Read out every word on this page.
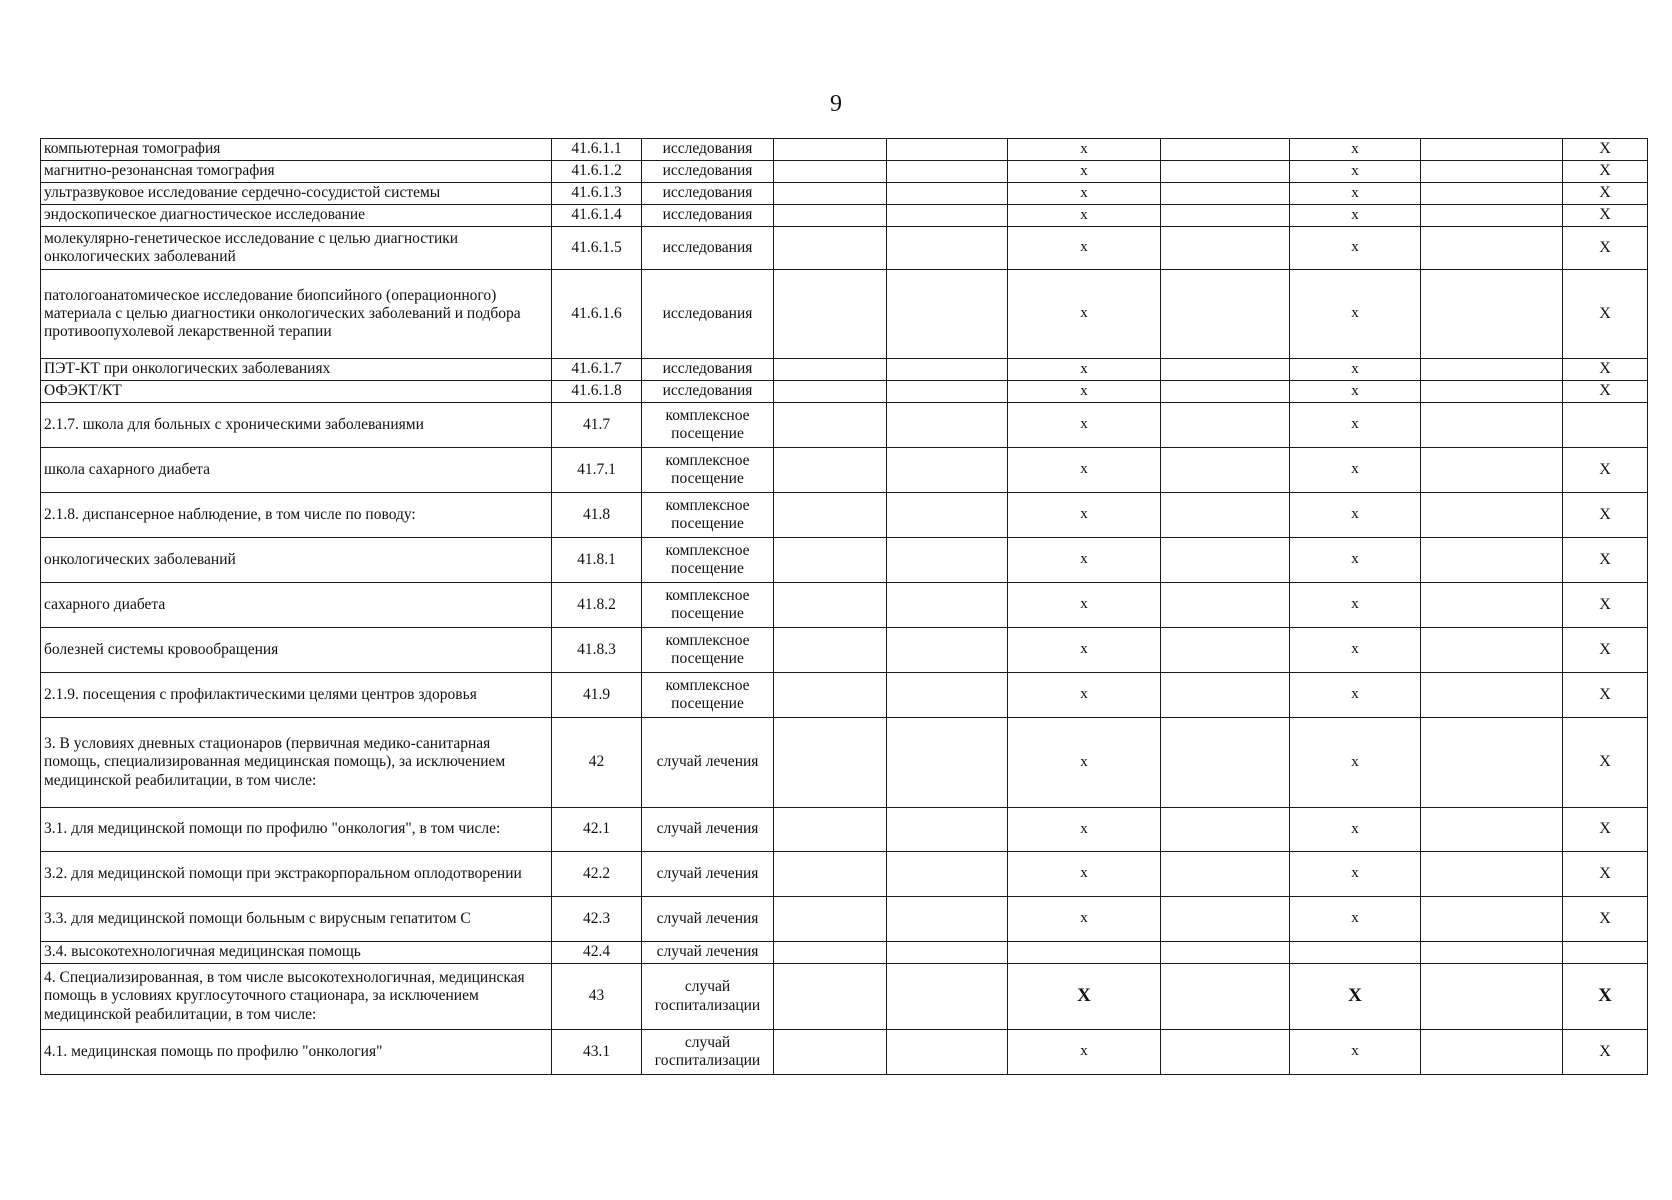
9
компьютерная томография	41.6.1.1	исследования			x		x		X
магнитно-резонансная томография	41.6.1.2	исследования			x		x		X
ультразвуковое исследование сердечно-сосудистой системы	41.6.1.3	исследования			x		x		X
эндоскопическое диагностическое исследование	41.6.1.4	исследования			x		x		X
молекулярно-генетическое исследование с целью диагностики онкологических заболеваний	41.6.1.5	исследования			x		x		X
патологоанатомическое исследование биопсийного (операционного) материала с целью диагностики онкологических заболеваний и подбора противоопухолевой лекарственной терапии	41.6.1.6	исследования			x		x		X
ПЭТ-КТ при онкологических заболеваниях	41.6.1.7	исследования			x		x		X
ОФЭКТ/КТ	41.6.1.8	исследования			x		x		X
2.1.7. школа для больных с хроническими заболеваниями	41.7	комплексное посещение			x		x		
школа сахарного диабета	41.7.1	комплексное посещение			x		x		X
2.1.8. диспансерное наблюдение, в том числе по поводу:	41.8	комплексное посещение			x		x		X
онкологических заболеваний	41.8.1	комплексное посещение			x		x		X
сахарного диабета	41.8.2	комплексное посещение			x		x		X
болезней системы кровообращения	41.8.3	комплексное посещение			x		x		X
2.1.9. посещения с профилактическими целями центров здоровья	41.9	комплексное посещение			x		x		X
3. В условиях дневных стационаров (первичная медико-санитарная помощь, специализированная медицинская помощь), за исключением медицинской реабилитации, в том числе:	42	случай лечения			x		x		X
3.1. для медицинской помощи по профилю "онкология", в том числе:	42.1	случай лечения			x		x		X
3.2. для медицинской помощи при экстракорпоральном оплодотворении	42.2	случай лечения			x		x		X
3.3. для медицинской помощи больным с вирусным гепатитом С	42.3	случай лечения			x		x		X
3.4. высокотехнологичная медицинская помощь	42.4	случай лечения							
4. Специализированная, в том числе высокотехнологичная, медицинская помощь в условиях круглосуточного стационара, за исключением медицинской реабилитации, в том числе:	43	случай госпитализации			X		X		X
4.1. медицинская помощь по профилю "онкология"	43.1	случай госпитализации			x		x		X
